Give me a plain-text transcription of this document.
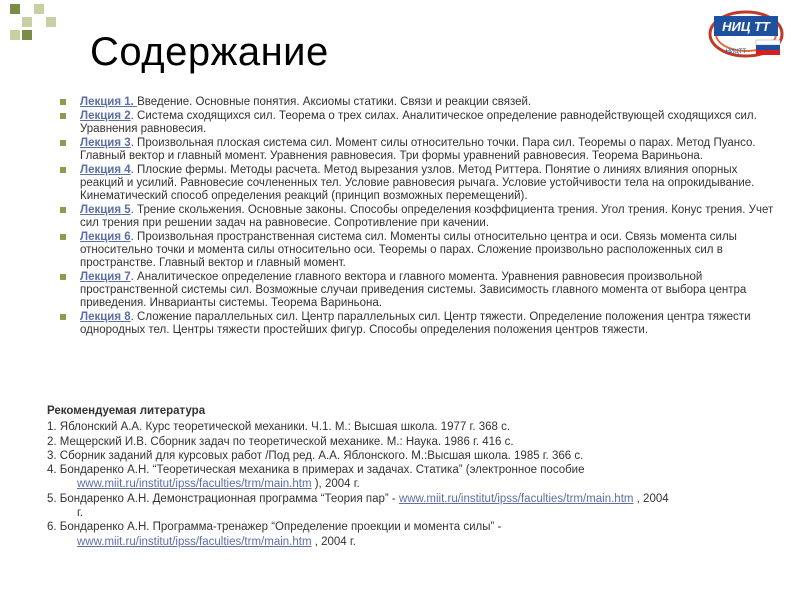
НИЦ ТТ
НИЦТТ
Содержание
Лекция 1. Введение. Основные понятия. Аксиомы статики. Связи и реакции связей.
Лекция 2. Система сходящихся сил. Теорема о трех силах. Аналитическое определение равнодействующей сходящихся сил. Уравнения равновесия.
Лекция 3. Произвольная плоская система сил. Момент силы относительно точки. Пара сил. Теоремы о парах. Метод Пуансо. Главный вектор и главный момент. Уравнения равновесия. Три формы уравнений равновесия. Теорема Вариньона.
Лекция 4. Плоские фермы. Методы расчета. Метод вырезания узлов. Метод Риттера. Понятие о линиях влияния опорных реакций и усилий. Равновесие сочлененных тел. Условие равновесия рычага. Условие устойчивости тела на опрокидывание. Кинематический способ определения реакций (принцип возможных перемещений).
Лекция 5. Трение скольжения. Основные законы. Способы определения коэффициента трения. Угол трения. Конус трения. Учет сил трения при решении задач на равновесие. Сопротивление при качении.
Лекция 6. Произвольная пространственная система сил. Моменты силы относительно центра и оси. Связь момента силы относительно точки и момента силы относительно оси. Теоремы о парах. Сложение произвольно расположенных сил в пространстве. Главный вектор и главный момент.
Лекция 7. Аналитическое определение главного вектора и главного момента. Уравнения равновесия произвольной пространственной системы сил. Возможные случаи приведения системы. Зависимость главного момента от выбора центра приведения. Инварианты системы. Теорема Вариньона.
Лекция 8. Сложение параллельных сил. Центр параллельных сил. Центр тяжести. Определение положения центра тяжести однородных тел. Центры тяжести простейших фигур. Способы определения положения центров тяжести.
Рекомендуемая литература
1. Яблонский А.А. Курс теоретической механики. Ч.1. М.: Высшая школа. 1977 г. 368 с.
2. Мещерский И.В. Сборник задач по теоретической механике. М.: Наука. 1986 г. 416 с.
3. Сборник заданий для курсовых работ /Под ред. А.А. Яблонского. М.:Высшая школа. 1985 г. 366 с.
4. Бондаренко А.Н. “Теоретическая механика в примерах и задачах. Статика” (электронное пособие
www.miit.ru/institut/ipss/faculties/trm/main.htm ), 2004 г.
5. Бондаренко А.Н. Демонстрационная программа “Теория пар” - www.miit.ru/institut/ipss/faculties/trm/main.htm , 2004
г.
6. Бондаренко А.Н. Программа-тренажер “Определение проекции и момента силы” -
www.miit.ru/institut/ipss/faculties/trm/main.htm , 2004 г.
